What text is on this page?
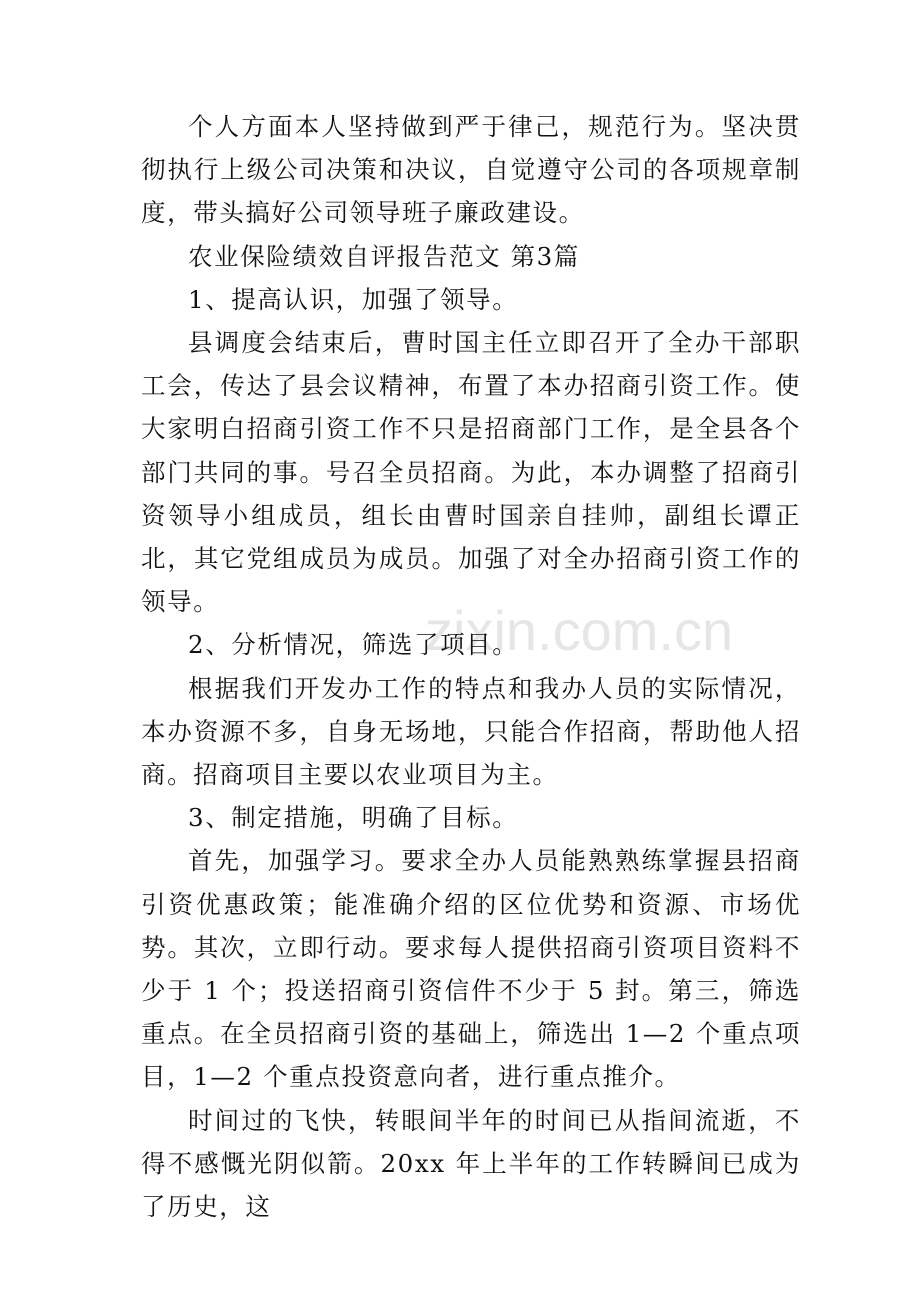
zixin.com.cn

个人方面本人坚持做到严于律己，规范行为。坚决贯彻执行上级公司决策和决议，自觉遵守公司的各项规章制度，带头搞好公司领导班子廉政建设。

农业保险绩效自评报告范文 第3篇

1、提高认识，加强了领导。

县调度会结束后，曹时国主任立即召开了全办干部职工会，传达了县会议精神，布置了本办招商引资工作。使大家明白招商引资工作不只是招商部门工作，是全县各个部门共同的事。号召全员招商。为此，本办调整了招商引资领导小组成员，组长由曹时国亲自挂帅，副组长谭正北，其它党组成员为成员。加强了对全办招商引资工作的领导。

2、分析情况，筛选了项目。

根据我们开发办工作的特点和我办人员的实际情况，本办资源不多，自身无场地，只能合作招商，帮助他人招商。招商项目主要以农业项目为主。

3、制定措施，明确了目标。

首先，加强学习。要求全办人员能熟熟练掌握县招商引资优惠政策；能准确介绍的区位优势和资源、市场优势。其次，立即行动。要求每人提供招商引资项目资料不少于 1 个；投送招商引资信件不少于 5 封。第三，筛选重点。在全员招商引资的基础上，筛选出 1—2 个重点项目，1—2 个重点投资意向者，进行重点推介。

时间过的飞快，转眼间半年的时间已从指间流逝，不得不感慨光阴似箭。20xx 年上半年的工作转瞬间已成为了历史，这
